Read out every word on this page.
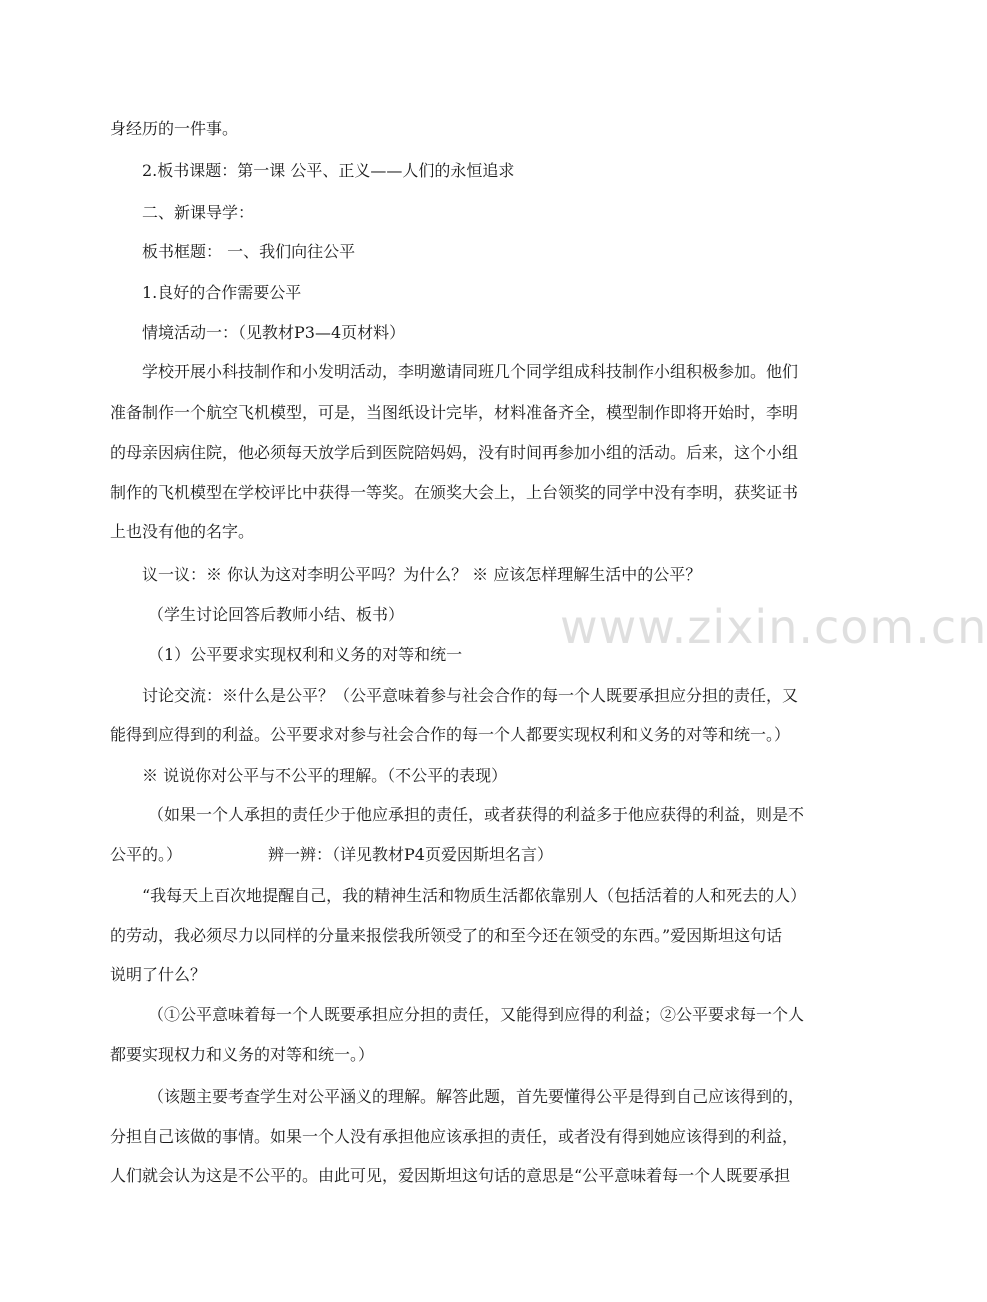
身经历的一件事。
2.板书课题：第一课 公平、正义——人们的永恒追求
二、新课导学：
板书框题： 一、我们向往公平
1.良好的合作需要公平
情境活动一：（见教材P3—4页材料）
学校开展小科技制作和小发明活动，李明邀请同班几个同学组成科技制作小组积极参加。他们
准备制作一个航空飞机模型，可是，当图纸设计完毕，材料准备齐全，模型制作即将开始时，李明
的母亲因病住院，他必须每天放学后到医院陪妈妈，没有时间再参加小组的活动。后来，这个小组
制作的飞机模型在学校评比中获得一等奖。在颁奖大会上，上台领奖的同学中没有李明，获奖证书
上也没有他的名字。
议一议：※ 你认为这对李明公平吗？为什么？ ※ 应该怎样理解生活中的公平？
（学生讨论回答后教师小结、板书）
（1）公平要求实现权利和义务的对等和统一
讨论交流：※什么是公平？（公平意味着参与社会合作的每一个人既要承担应分担的责任，又
能得到应得到的利益。公平要求对参与社会合作的每一个人都要实现权利和义务的对等和统一。）
※ 说说你对公平与不公平的理解。（不公平的表现）
（如果一个人承担的责任少于他应承担的责任，或者获得的利益多于他应获得的利益，则是不
公平的。）	辨一辨：（详见教材P4页爱因斯坦名言）
“我每天上百次地提醒自己，我的精神生活和物质生活都依靠别人（包括活着的人和死去的人）
的劳动，我必须尽力以同样的分量来报偿我所领受了的和至今还在领受的东西。”爱因斯坦这句话
说明了什么？
（①公平意味着每一个人既要承担应分担的责任，又能得到应得的利益；②公平要求每一个人
都要实现权力和义务的对等和统一。）
（该题主要考查学生对公平涵义的理解。解答此题，首先要懂得公平是得到自己应该得到的，
分担自己该做的事情。如果一个人没有承担他应该承担的责任，或者没有得到她应该得到的利益，
人们就会认为这是不公平的。由此可见，爱因斯坦这句话的意思是“公平意味着每一个人既要承担
www.zixin.com.cn
